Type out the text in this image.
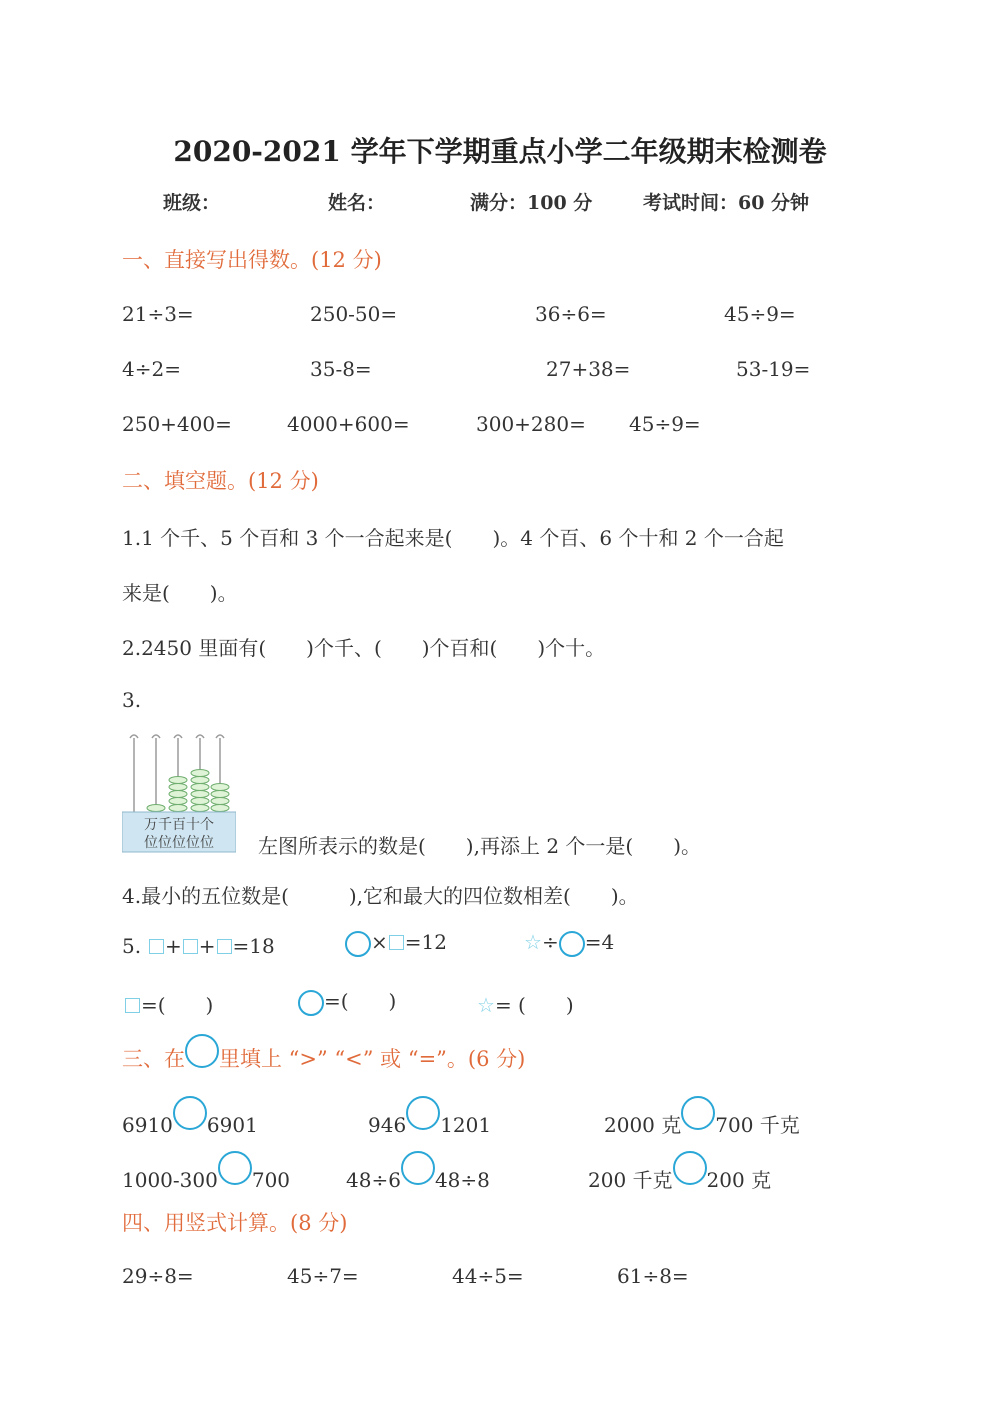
2020-2021 学年下学期重点小学二年级期末检测卷
班级：	姓名：	满分：100 分	考试时间：60 分钟
一、直接写出得数。(12 分)
21÷3=	250-50=	36÷6=	45÷9=
4÷2=	35-8=	27+38=	53-19=
250+400=	4000+600=	300+280= 45÷9=
二、填空题。(12 分)
1.1 个千、5 个百和 3 个一合起来是(　　)。4 个百、6 个十和 2 个一合起
来是(　　)。
2.2450 里面有(　　)个千、(　　)个百和(　　)个十。
3.
万千百十个
位位位位位 左图所表示的数是(　　),再添上 2 个一是(　　)。
4.最小的五位数是(　　　),它和最大的四位数相差(　　)。
5.	+ + =18	× =12	☆÷ =4
=(　　)	=(　　)	☆= (　　)
三、在 里填上 “>” “<” 或 “=”。(6 分)
6910 6901	946 1201	2000 克 700 千克
1000-300 700	48÷6 48÷8	200 千克 200 克
四、用竖式计算。(8 分)
29÷8=	45÷7=	44÷5=	61÷8=
